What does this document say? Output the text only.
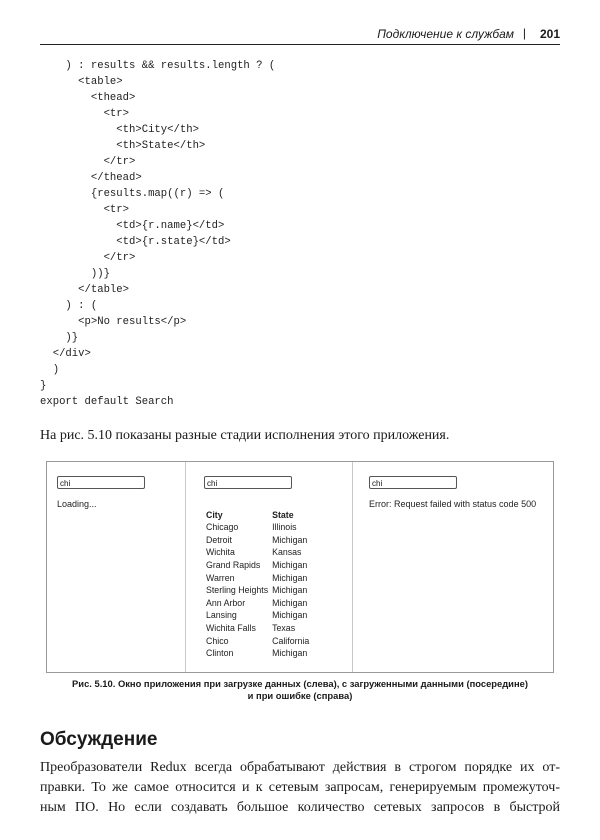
Подключение к службам | 201
) : results && results.length ? (
<table>
<thead>
<tr>
<th>City</th>
<th>State</th>
</tr>
</thead>
{results.map((r) => (
<tr>
<td>{r.name}</td>
<td>{r.state}</td>
</tr>
))}
</table>
) : (
<p>No results</p>
)}
</div>
)
}
export default Search
На рис. 5.10 показаны разные стадии исполнения этого приложения.
chi
Loading...
chi
City	State
Chicago	Illinois
Detroit	Michigan
Wichita	Kansas
Grand Rapids	Michigan
Warren	Michigan
Sterling Heights	Michigan
Ann Arbor	Michigan
Lansing	Michigan
Wichita Falls	Texas
Chico	California
Clinton	Michigan
chi
Error: Request failed with status code 500
Рис. 5.10. Окно приложения при загрузке данных (слева), с загруженными данными (посередине)
и при ошибке (справа)
Обсуждение
Преобразователи Redux всегда обрабатывают действия в строгом порядке их от-
правки. То же самое относится и к сетевым запросам, генерируемым промежуточ-
ным ПО. Но если создавать большое количество сетевых запросов в быстрой
